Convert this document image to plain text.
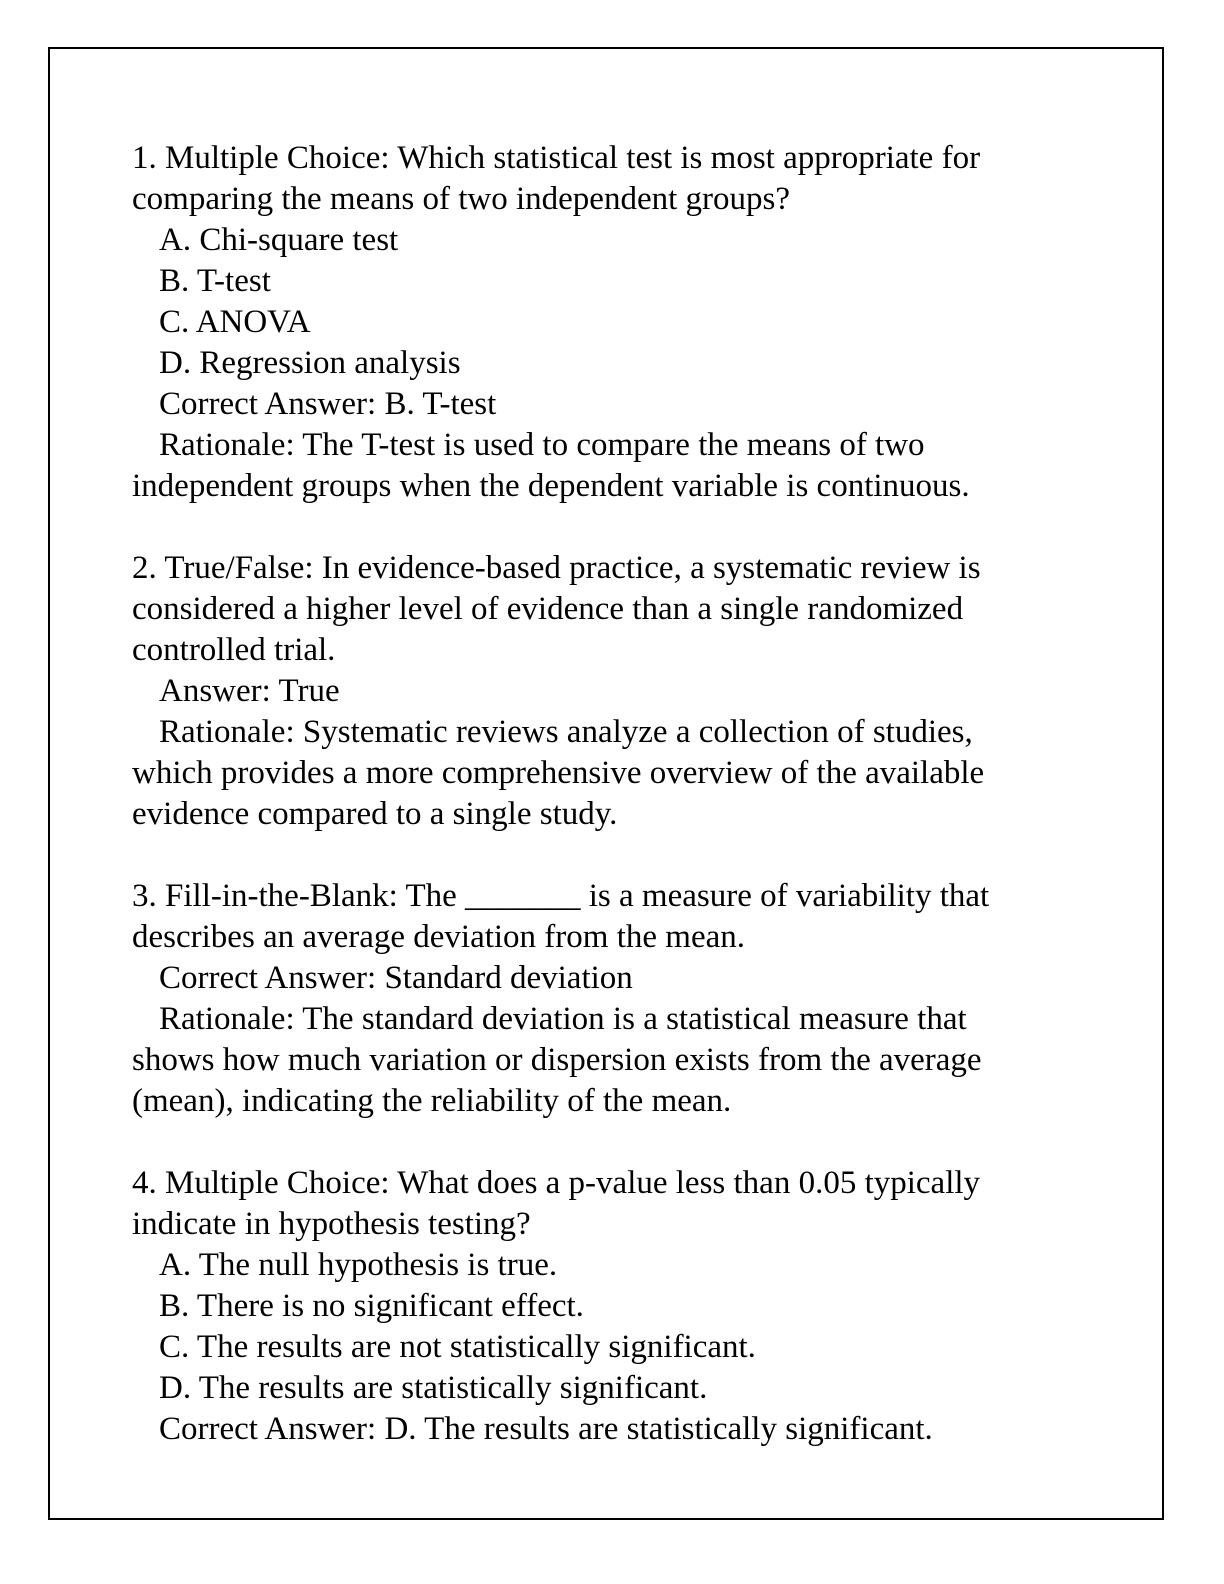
1. Multiple Choice: Which statistical test is most appropriate for
comparing the means of two independent groups?
A. Chi-square test
B. T-test
C. ANOVA
D. Regression analysis
Correct Answer: B. T-test
Rationale: The T-test is used to compare the means of two
independent groups when the dependent variable is continuous.
2. True/False: In evidence-based practice, a systematic review is
considered a higher level of evidence than a single randomized
controlled trial.
Answer: True
Rationale: Systematic reviews analyze a collection of studies,
which provides a more comprehensive overview of the available
evidence compared to a single study.
3. Fill-in-the-Blank: The _______ is a measure of variability that
describes an average deviation from the mean.
Correct Answer: Standard deviation
Rationale: The standard deviation is a statistical measure that
shows how much variation or dispersion exists from the average
(mean), indicating the reliability of the mean.
4. Multiple Choice: What does a p-value less than 0.05 typically
indicate in hypothesis testing?
A. The null hypothesis is true.
B. There is no significant effect.
C. The results are not statistically significant.
D. The results are statistically significant.
Correct Answer: D. The results are statistically significant.
